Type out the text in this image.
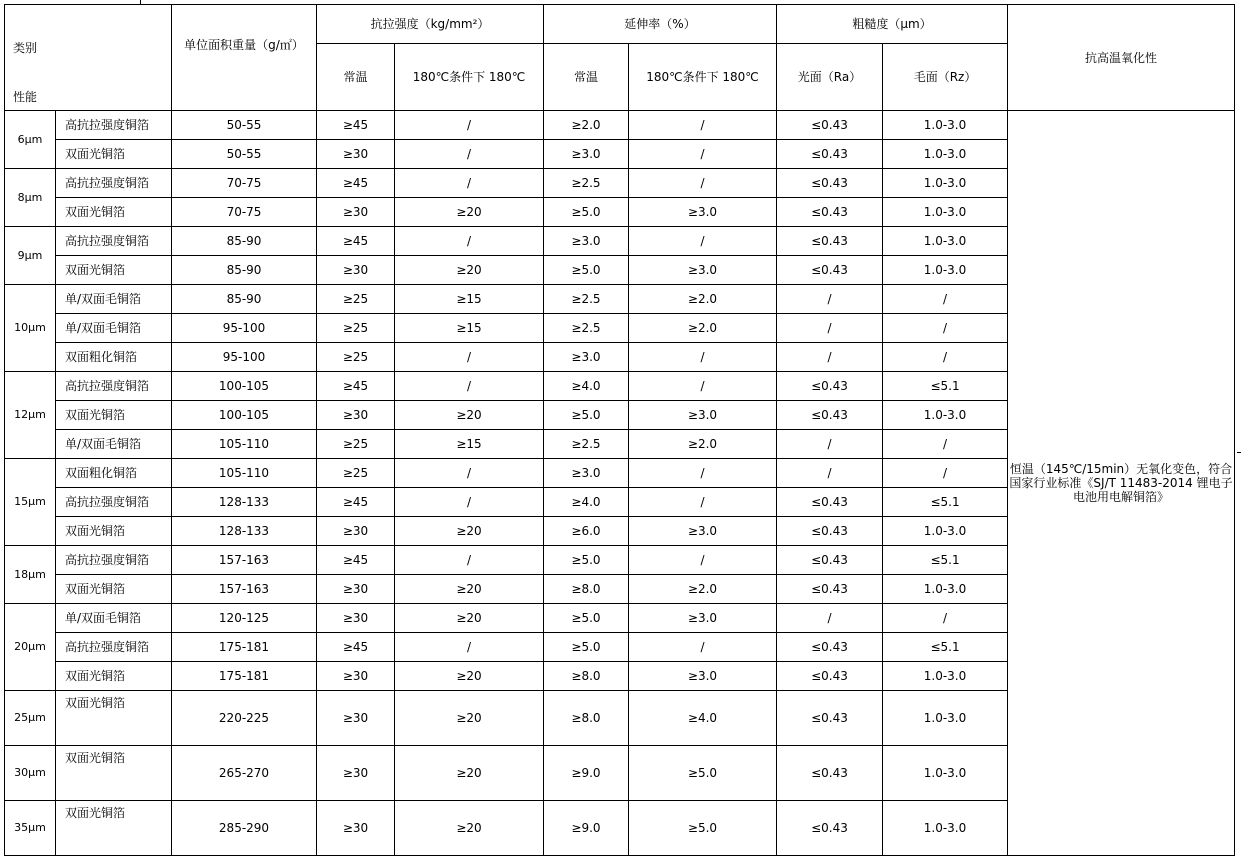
类别
性能		单位面积重量（g/㎡）	抗拉强度（kg/mm²）		延伸率（%）		粗糙度（μm）		抗高温氧化性
			常温	180℃条件下 180℃	常温	180℃条件下 180℃	光面（Ra）	毛面（Rz）	
6μm	高抗拉强度铜箔	50-55	≥45	/	≥2.0	/	≤0.43	1.0-3.0	恒温（145℃/15min）无氧化变色，符合国家行业标准《SJ/T 11483-2014 锂电子电池用电解铜箔》
	双面光铜箔	50-55	≥30	/	≥3.0	/	≤0.43	1.0-3.0	
8μm	高抗拉强度铜箔	70-75	≥45	/	≥2.5	/	≤0.43	1.0-3.0	
	双面光铜箔	70-75	≥30	≥20	≥5.0	≥3.0	≤0.43	1.0-3.0	
9μm	高抗拉强度铜箔	85-90	≥45	/	≥3.0	/	≤0.43	1.0-3.0	
	双面光铜箔	85-90	≥30	≥20	≥5.0	≥3.0	≤0.43	1.0-3.0	
10μm	单/双面毛铜箔	85-90	≥25	≥15	≥2.5	≥2.0	/	/	
	单/双面毛铜箔	95-100	≥25	≥15	≥2.5	≥2.0	/	/	
	双面粗化铜箔	95-100	≥25	/	≥3.0	/	/	/	
12μm	高抗拉强度铜箔	100-105	≥45	/	≥4.0	/	≤0.43	≤5.1	
	双面光铜箔	100-105	≥30	≥20	≥5.0	≥3.0	≤0.43	1.0-3.0	
	单/双面毛铜箔	105-110	≥25	≥15	≥2.5	≥2.0	/	/	
15μm	双面粗化铜箔	105-110	≥25	/	≥3.0	/	/	/	
	高抗拉强度铜箔	128-133	≥45	/	≥4.0	/	≤0.43	≤5.1	
	双面光铜箔	128-133	≥30	≥20	≥6.0	≥3.0	≤0.43	1.0-3.0	
18μm	高抗拉强度铜箔	157-163	≥45	/	≥5.0	/	≤0.43	≤5.1	
	双面光铜箔	157-163	≥30	≥20	≥8.0	≥2.0	≤0.43	1.0-3.0	
20μm	单/双面毛铜箔	120-125	≥30	≥20	≥5.0	≥3.0	/	/	
	高抗拉强度铜箔	175-181	≥45	/	≥5.0	/	≤0.43	≤5.1	
	双面光铜箔	175-181	≥30	≥20	≥8.0	≥3.0	≤0.43	1.0-3.0	
25μm	双面光铜箔	220-225	≥30	≥20	≥8.0	≥4.0	≤0.43	1.0-3.0	
30μm	双面光铜箔	265-270	≥30	≥20	≥9.0	≥5.0	≤0.43	1.0-3.0	
35μm	双面光铜箔	285-290	≥30	≥20	≥9.0	≥5.0	≤0.43	1.0-3.0	
